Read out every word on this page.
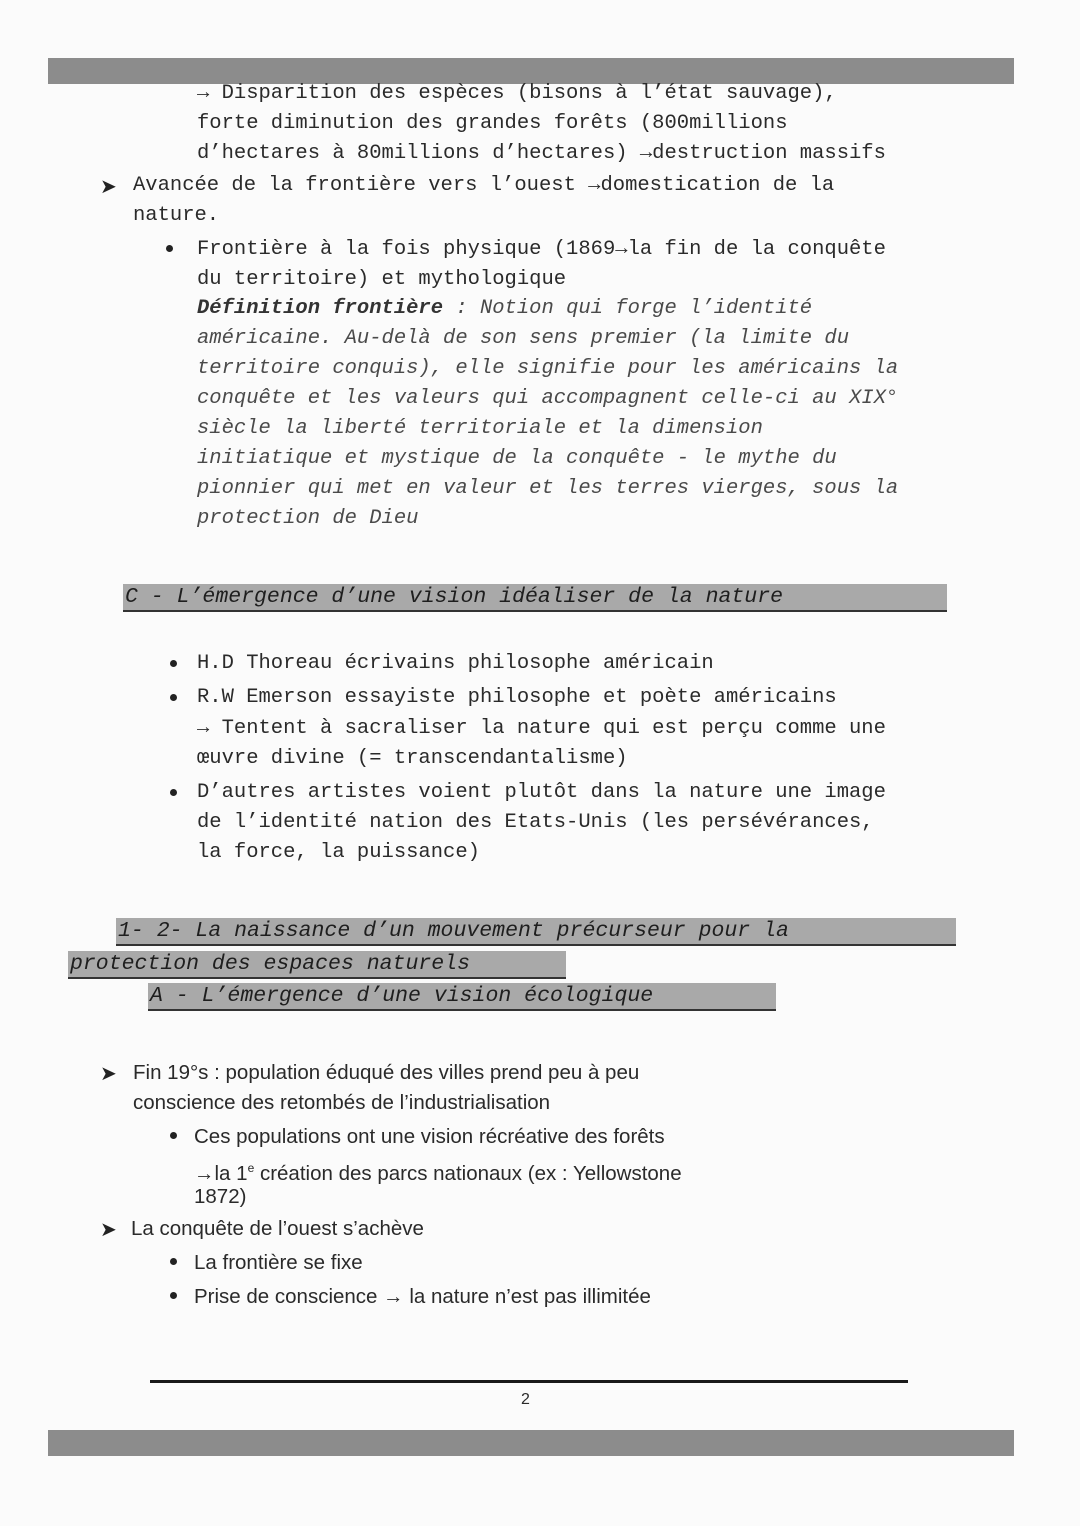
→ Disparition des espèces (bisons à l’état sauvage),
forte diminution des grandes forêts (800millions
d’hectares à 80millions d’hectares) →destruction massifs
➤ Avancée de la frontière vers l’ouest →domestication de la
nature.
Frontière à la fois physique (1869→la fin de la conquête
du territoire) et mythologique
Définition frontière : Notion qui forge l’identité
américaine. Au-delà de son sens premier (la limite du
territoire conquis), elle signifie pour les américains la
conquête et les valeurs qui accompagnent celle-ci au XIX°
siècle la liberté territoriale et la dimension
initiatique et mystique de la conquête - le mythe du
pionnier qui met en valeur et les terres vierges, sous la
protection de Dieu
C - L’émergence d’une vision idéaliser de la nature
H.D Thoreau écrivains philosophe américain
R.W Emerson essayiste philosophe et poète américains
→ Tentent à sacraliser la nature qui est perçu comme une
œuvre divine (= transcendantalisme)
D’autres artistes voient plutôt dans la nature une image
de l’identité nation des Etats-Unis (les persévérances,
la force, la puissance)
1- 2- La naissance d’un mouvement précurseur pour la
protection des espaces naturels
A - L’émergence d’une vision écologique
➤ Fin 19°s : population éduqué des villes prend peu à peu
conscience des retombés de l’industrialisation
Ces populations ont une vision récréative des forêts
→la 1e création des parcs nationaux (ex : Yellowstone
1872)
➤ La conquête de l’ouest s’achève
La frontière se fixe
Prise de conscience → la nature n’est pas illimitée
2
